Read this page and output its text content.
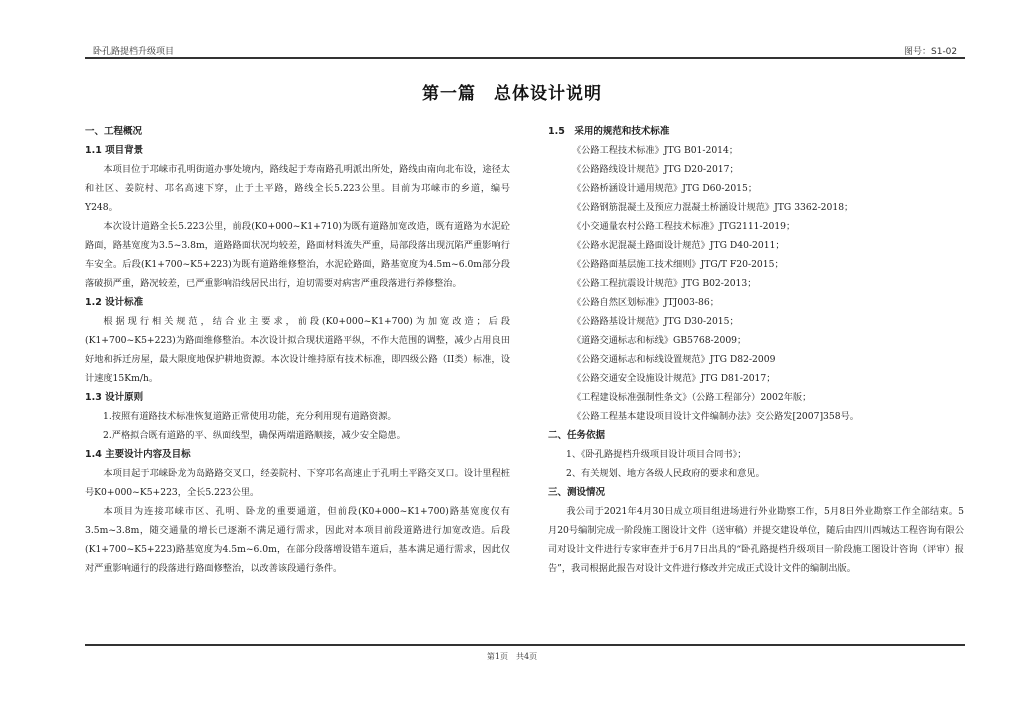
卧孔路提档升级项目	图号：S1-02
第一篇　总体设计说明
一、工程概况
1.1 项目背景
本项目位于邛崃市孔明街道办事处境内，路线起于寿南路孔明派出所处，路线由南向北布设，途径太和社区、姜院村、邛名高速下穿，止于土平路，路线全长5.223公里。目前为邛崃市的乡道，编号Y248。
本次设计道路全长5.223公里，前段(K0+000~K1+710)为既有道路加宽改造，既有道路为水泥砼路面，路基宽度为3.5~3.8m，道路路面状况均较差，路面材料流失严重，局部段落出现沉陷严重影响行车安全。后段(K1+700~K5+223)为既有道路维修整治，水泥砼路面，路基宽度为4.5m~6.0m部分段落破损严重，路况较差，已严重影响沿线居民出行，迫切需要对病害严重段落进行养修整治。
1.2 设计标准
根据现行相关规范，结合业主要求，前段(K0+000~K1+700)为加宽改造；后段(K1+700~K5+223)为路面维修整治。本次设计拟合现状道路平纵，不作大范围的调整，减少占用良田好地和拆迁房屋，最大限度地保护耕地资源。本次设计维持原有技术标准，即四级公路（II类）标准，设计速度15Km/h。
1.3 设计原则
1.按照有道路技术标准恢复道路正常使用功能，充分利用现有道路资源。
2.严格拟合既有道路的平、纵面线型，确保两端道路顺接，减少安全隐患。
1.4 主要设计内容及目标
本项目起于邛崃卧龙为岛路路交叉口，经姜院村、下穿邛名高速止于孔明土平路交叉口。设计里程桩号K0+000~K5+223，全长5.223公里。
本项目为连接邛崃市区、孔明、卧龙的重要通道，但前段(K0+000~K1+700)路基宽度仅有3.5m~3.8m，随交通量的增长已逐渐不满足通行需求，因此对本项目前段道路进行加宽改造。后段(K1+700~K5+223)路基宽度为4.5m~6.0m，在部分段落增设错车道后，基本满足通行需求，因此仅对严重影响通行的段落进行路面修整治，以改善该段通行条件。
1.5　采用的规范和技术标准
《公路工程技术标准》JTG B01-2014；
《公路路线设计规范》JTG D20-2017；
《公路桥涵设计通用规范》JTG D60-2015；
《公路钢筋混凝土及预应力混凝土桥涵设计规范》JTG 3362-2018；
《小交通量农村公路工程技术标准》JTG2111-2019；
《公路水泥混凝土路面设计规范》JTG D40-2011；
《公路路面基层施工技术细则》JTG/T F20-2015；
《公路工程抗震设计规范》JTG B02-2013；
《公路自然区划标准》JTJ003-86；
《公路路基设计规范》JTG D30-2015；
《道路交通标志和标线》GB5768-2009；
《公路交通标志和标线设置规范》JTG D82-2009
《公路交通安全设施设计规范》JTG D81-2017；
《工程建设标准强制性条文》（公路工程部分）2002年版；
《公路工程基本建设项目设计文件编制办法》交公路发[2007]358号。
二、任务依据
1、《卧孔路提档升级项目设计项目合同书》；
2、有关规划、地方各级人民政府的要求和意见。
三、测设情况
我公司于2021年4月30日成立项目组进场进行外业勘察工作，5月8日外业勘察工作全部结束。5月20号编制完成一阶段施工图设计文件（送审稿）并提交建设单位，随后由四川西城达工程咨询有限公司对设计文件进行专家审查并于6月7日出具的“卧孔路提档升级项目一阶段施工图设计咨询（评审）报告”，我司根据此报告对设计文件进行修改并完成正式设计文件的编制出版。
第1页　共4页
